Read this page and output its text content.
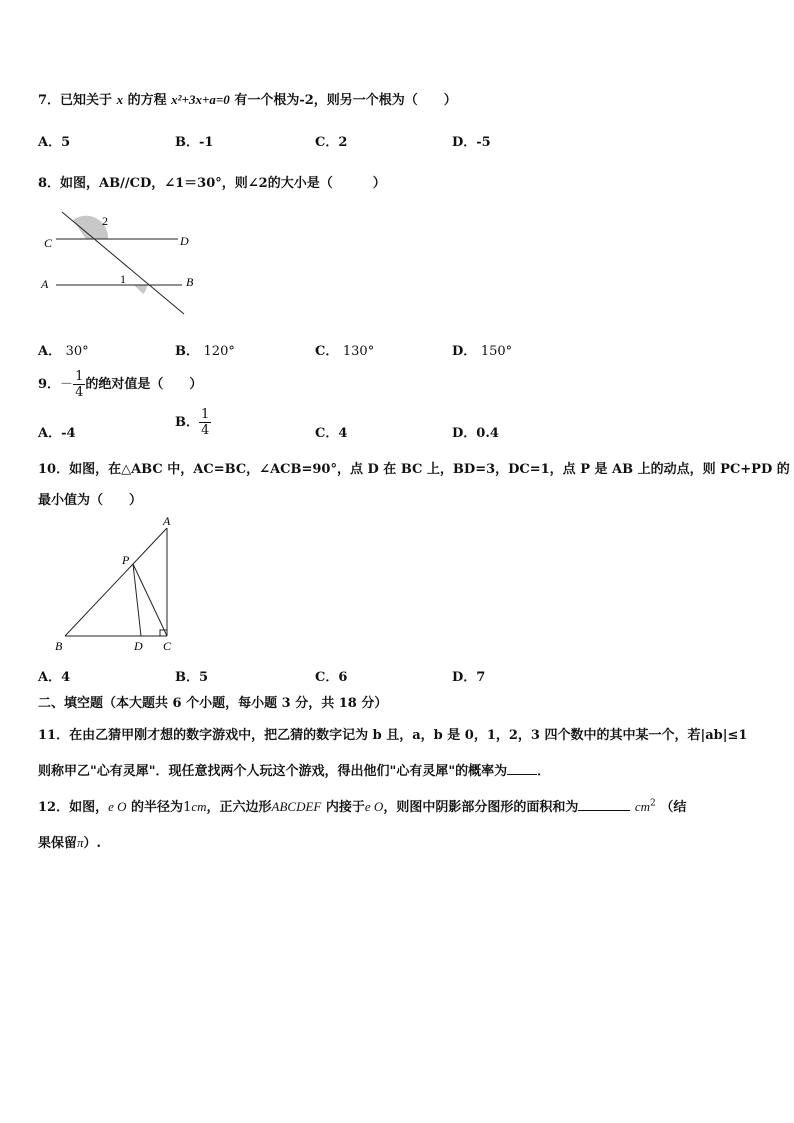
7．已知关于 x 的方程 x²+3x+a=0 有一个根为-2，则另一个根为（　　）
A．5	B．-1	C．2	D．-5
8．如图，AB//CD，∠1＝30°，则∠2的大小是（	）
2
C	D
A	1	B
A． 30°	B． 120°	C． 130°	D． 150°
9．－ $\frac{1}{4}$ 的绝对值是（　　）
A．-4
B． $\frac{1}{4}$	C．4	D．0.4
10．如图，在△ABC 中，AC=BC，∠ACB=90°，点 D 在 BC 上，BD=3，DC=1，点 P 是 AB 上的动点，则 PC+PD 的
最小值为（　　）
A
P
B	D C
A．4	B．5	C．6	D．7
二、填空题（本大题共 6 个小题，每小题 3 分，共 18 分）
11．在由乙猜甲刚才想的数字游戏中，把乙猜的数字记为 b 且，a，b 是 0，1，2，3 四个数中的其中某一个，若|ab|≤1
则称甲乙"心有灵犀"．现任意找两个人玩这个游戏，得出他们"心有灵犀"的概率为 ．
12．如图，e O 的半径为1cm，正六边形ABCDEF 内接于e O，则图中阴影部分图形的面积和为	$cm^2$ （结
果保留π）.
